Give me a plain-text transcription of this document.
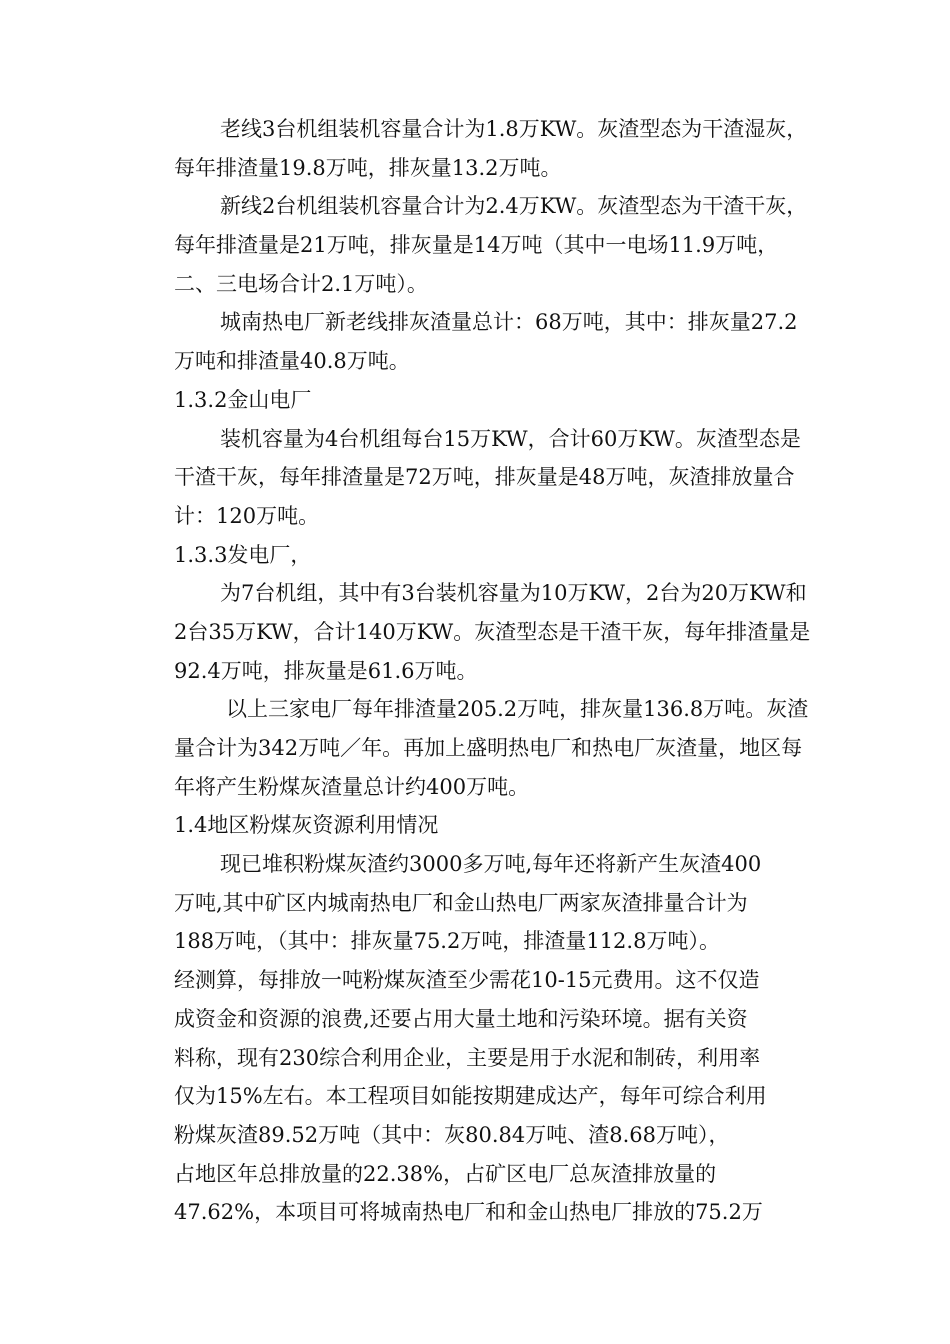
老线3台机组装机容量合计为1.8万KW。灰渣型态为干渣湿灰，
每年排渣量19.8万吨，排灰量13.2万吨。
新线2台机组装机容量合计为2.4万KW。灰渣型态为干渣干灰，
每年排渣量是21万吨，排灰量是14万吨（其中一电场11.9万吨，
二、三电场合计2.1万吨）。
城南热电厂新老线排灰渣量总计：68万吨，其中：排灰量27.2
万吨和排渣量40.8万吨。
1.3.2金山电厂
装机容量为4台机组每台15万KW，合计60万KW。灰渣型态是
干渣干灰，每年排渣量是72万吨，排灰量是48万吨，灰渣排放量合
计：120万吨。
1.3.3发电厂，
为7台机组，其中有3台装机容量为10万KW，2台为20万KW和
2台35万KW，合计140万KW。灰渣型态是干渣干灰，每年排渣量是
92.4万吨，排灰量是61.6万吨。
以上三家电厂每年排渣量205.2万吨，排灰量136.8万吨。灰渣
量合计为342万吨／年。再加上盛明热电厂和热电厂灰渣量，地区每
年将产生粉煤灰渣量总计约400万吨。
1.4地区粉煤灰资源利用情况
现已堆积粉煤灰渣约3000多万吨,每年还将新产生灰渣400
万吨,其中矿区内城南热电厂和金山热电厂两家灰渣排量合计为
188万吨，（其中：排灰量75.2万吨，排渣量112.8万吨）。
经测算，每排放一吨粉煤灰渣至少需花10-15元费用。这不仅造
成资金和资源的浪费,还要占用大量土地和污染环境。据有关资
料称，现有230综合利用企业，主要是用于水泥和制砖，利用率
仅为15%左右。本工程项目如能按期建成达产，每年可综合利用
粉煤灰渣89.52万吨（其中：灰80.84万吨、渣8.68万吨），
占地区年总排放量的22.38%，占矿区电厂总灰渣排放量的
47.62%，本项目可将城南热电厂和和金山热电厂排放的75.2万
